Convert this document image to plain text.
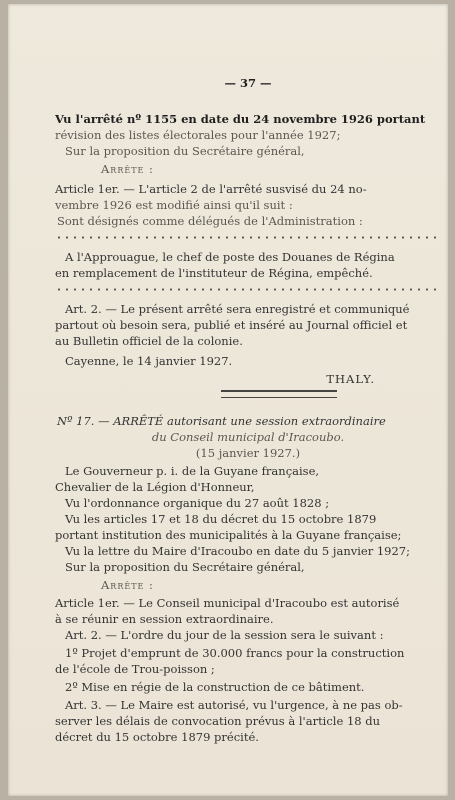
— 37 —
Vu l'arrêté nº 1155 en date du 24 novembre 1926 portant
révision des listes électorales pour l'année 1927;
Sur la proposition du Secrétaire général,
Arrête :
Article 1er. — L'article 2 de l'arrêté susvisé du 24 no-
vembre 1926 est modifié ainsi qu'il suit :
Sont désignés comme délégués de l'Administration :
A l'Approuague, le chef de poste des Douanes de Régina
en remplacement de l'instituteur de Régina, empêché.
Art. 2. — Le présent arrêté sera enregistré et communiqué
partout où besoin sera, publié et inséré au Journal officiel et
au Bulletin officiel de la colonie.
Cayenne, le 14 janvier 1927.
THALY.
Nº 17. — ARRÊTÉ autorisant une session extraordinaire
du Conseil municipal d'Iracoubo.
(15 janvier 1927.)
Le Gouverneur p. i. de la Guyane française,
Chevalier de la Légion d'Honneur,
Vu l'ordonnance organique du 27 août 1828 ;
Vu les articles 17 et 18 du décret du 15 octobre 1879
portant institution des municipalités à la Guyane française;
Vu la lettre du Maire d'Iracoubo en date du 5 janvier 1927;
Sur la proposition du Secrétaire général,
Arrête :
Article 1er. — Le Conseil municipal d'Iracoubo est autorisé
à se réunir en session extraordinaire.
Art. 2. — L'ordre du jour de la session sera le suivant :
1º Projet d'emprunt de 30.000 francs pour la construction
de l'école de Trou-poisson ;
2º Mise en régie de la construction de ce bâtiment.
Art. 3. — Le Maire est autorisé, vu l'urgence, à ne pas ob-
server les délais de convocation prévus à l'article 18 du
décret du 15 octobre 1879 précité.
